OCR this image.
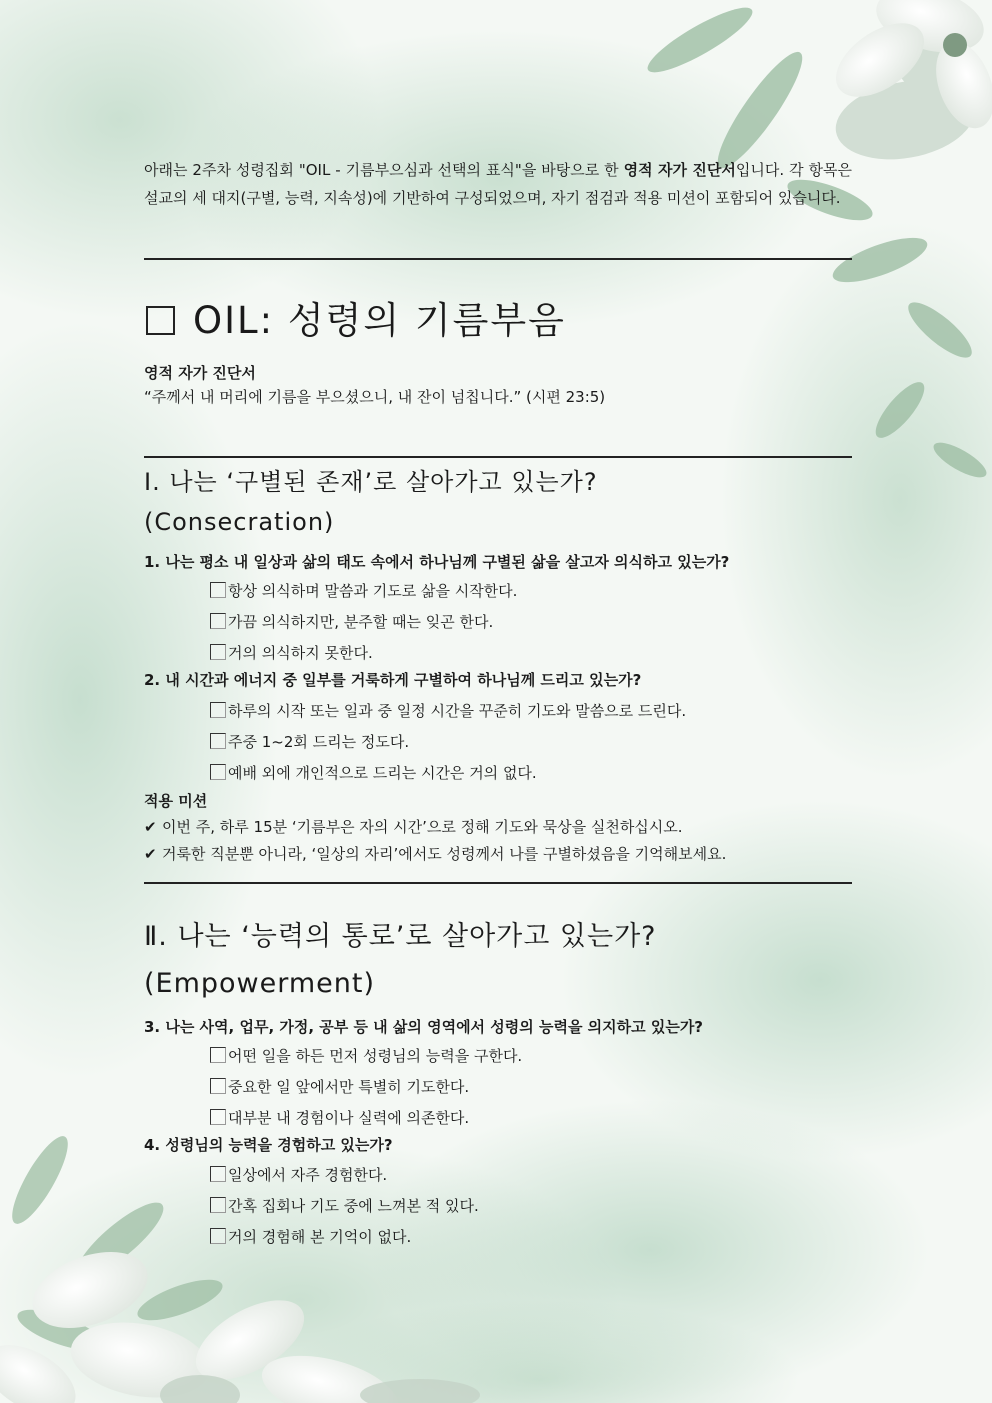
아래는 2주차 성령집회 "OIL - 기름부으심과 선택의 표식"을 바탕으로 한 영적 자가 진단서입니다. 각 항목은 설교의 세 대지(구별, 능력, 지속성)에 기반하여 구성되었으며, 자기 점검과 적용 미션이 포함되어 있습니다.
OIL: 성령의 기름부음
영적 자가 진단서
“주께서 내 머리에 기름을 부으셨으니, 내 잔이 넘칩니다.” (시편 23:5)
Ⅰ. 나는 ‘구별된 존재’로 살아가고 있는가?
(Consecration)
1. 나는 평소 내 일상과 삶의 태도 속에서 하나님께 구별된 삶을 살고자 의식하고 있는가?
항상 의식하며 말씀과 기도로 삶을 시작한다.
가끔 의식하지만, 분주할 때는 잊곤 한다.
거의 의식하지 못한다.
2. 내 시간과 에너지 중 일부를 거룩하게 구별하여 하나님께 드리고 있는가?
하루의 시작 또는 일과 중 일정 시간을 꾸준히 기도와 말씀으로 드린다.
주중 1~2회 드리는 정도다.
예배 외에 개인적으로 드리는 시간은 거의 없다.
적용 미션
✔ 이번 주, 하루 15분 ‘기름부은 자의 시간’으로 정해 기도와 묵상을 실천하십시오.
✔ 거룩한 직분뿐 아니라, ‘일상의 자리’에서도 성령께서 나를 구별하셨음을 기억해보세요.
Ⅱ. 나는 ‘능력의 통로’로 살아가고 있는가?
(Empowerment)
3. 나는 사역, 업무, 가정, 공부 등 내 삶의 영역에서 성령의 능력을 의지하고 있는가?
어떤 일을 하든 먼저 성령님의 능력을 구한다.
중요한 일 앞에서만 특별히 기도한다.
대부분 내 경험이나 실력에 의존한다.
4. 성령님의 능력을 경험하고 있는가?
일상에서 자주 경험한다.
간혹 집회나 기도 중에 느껴본 적 있다.
거의 경험해 본 기억이 없다.
